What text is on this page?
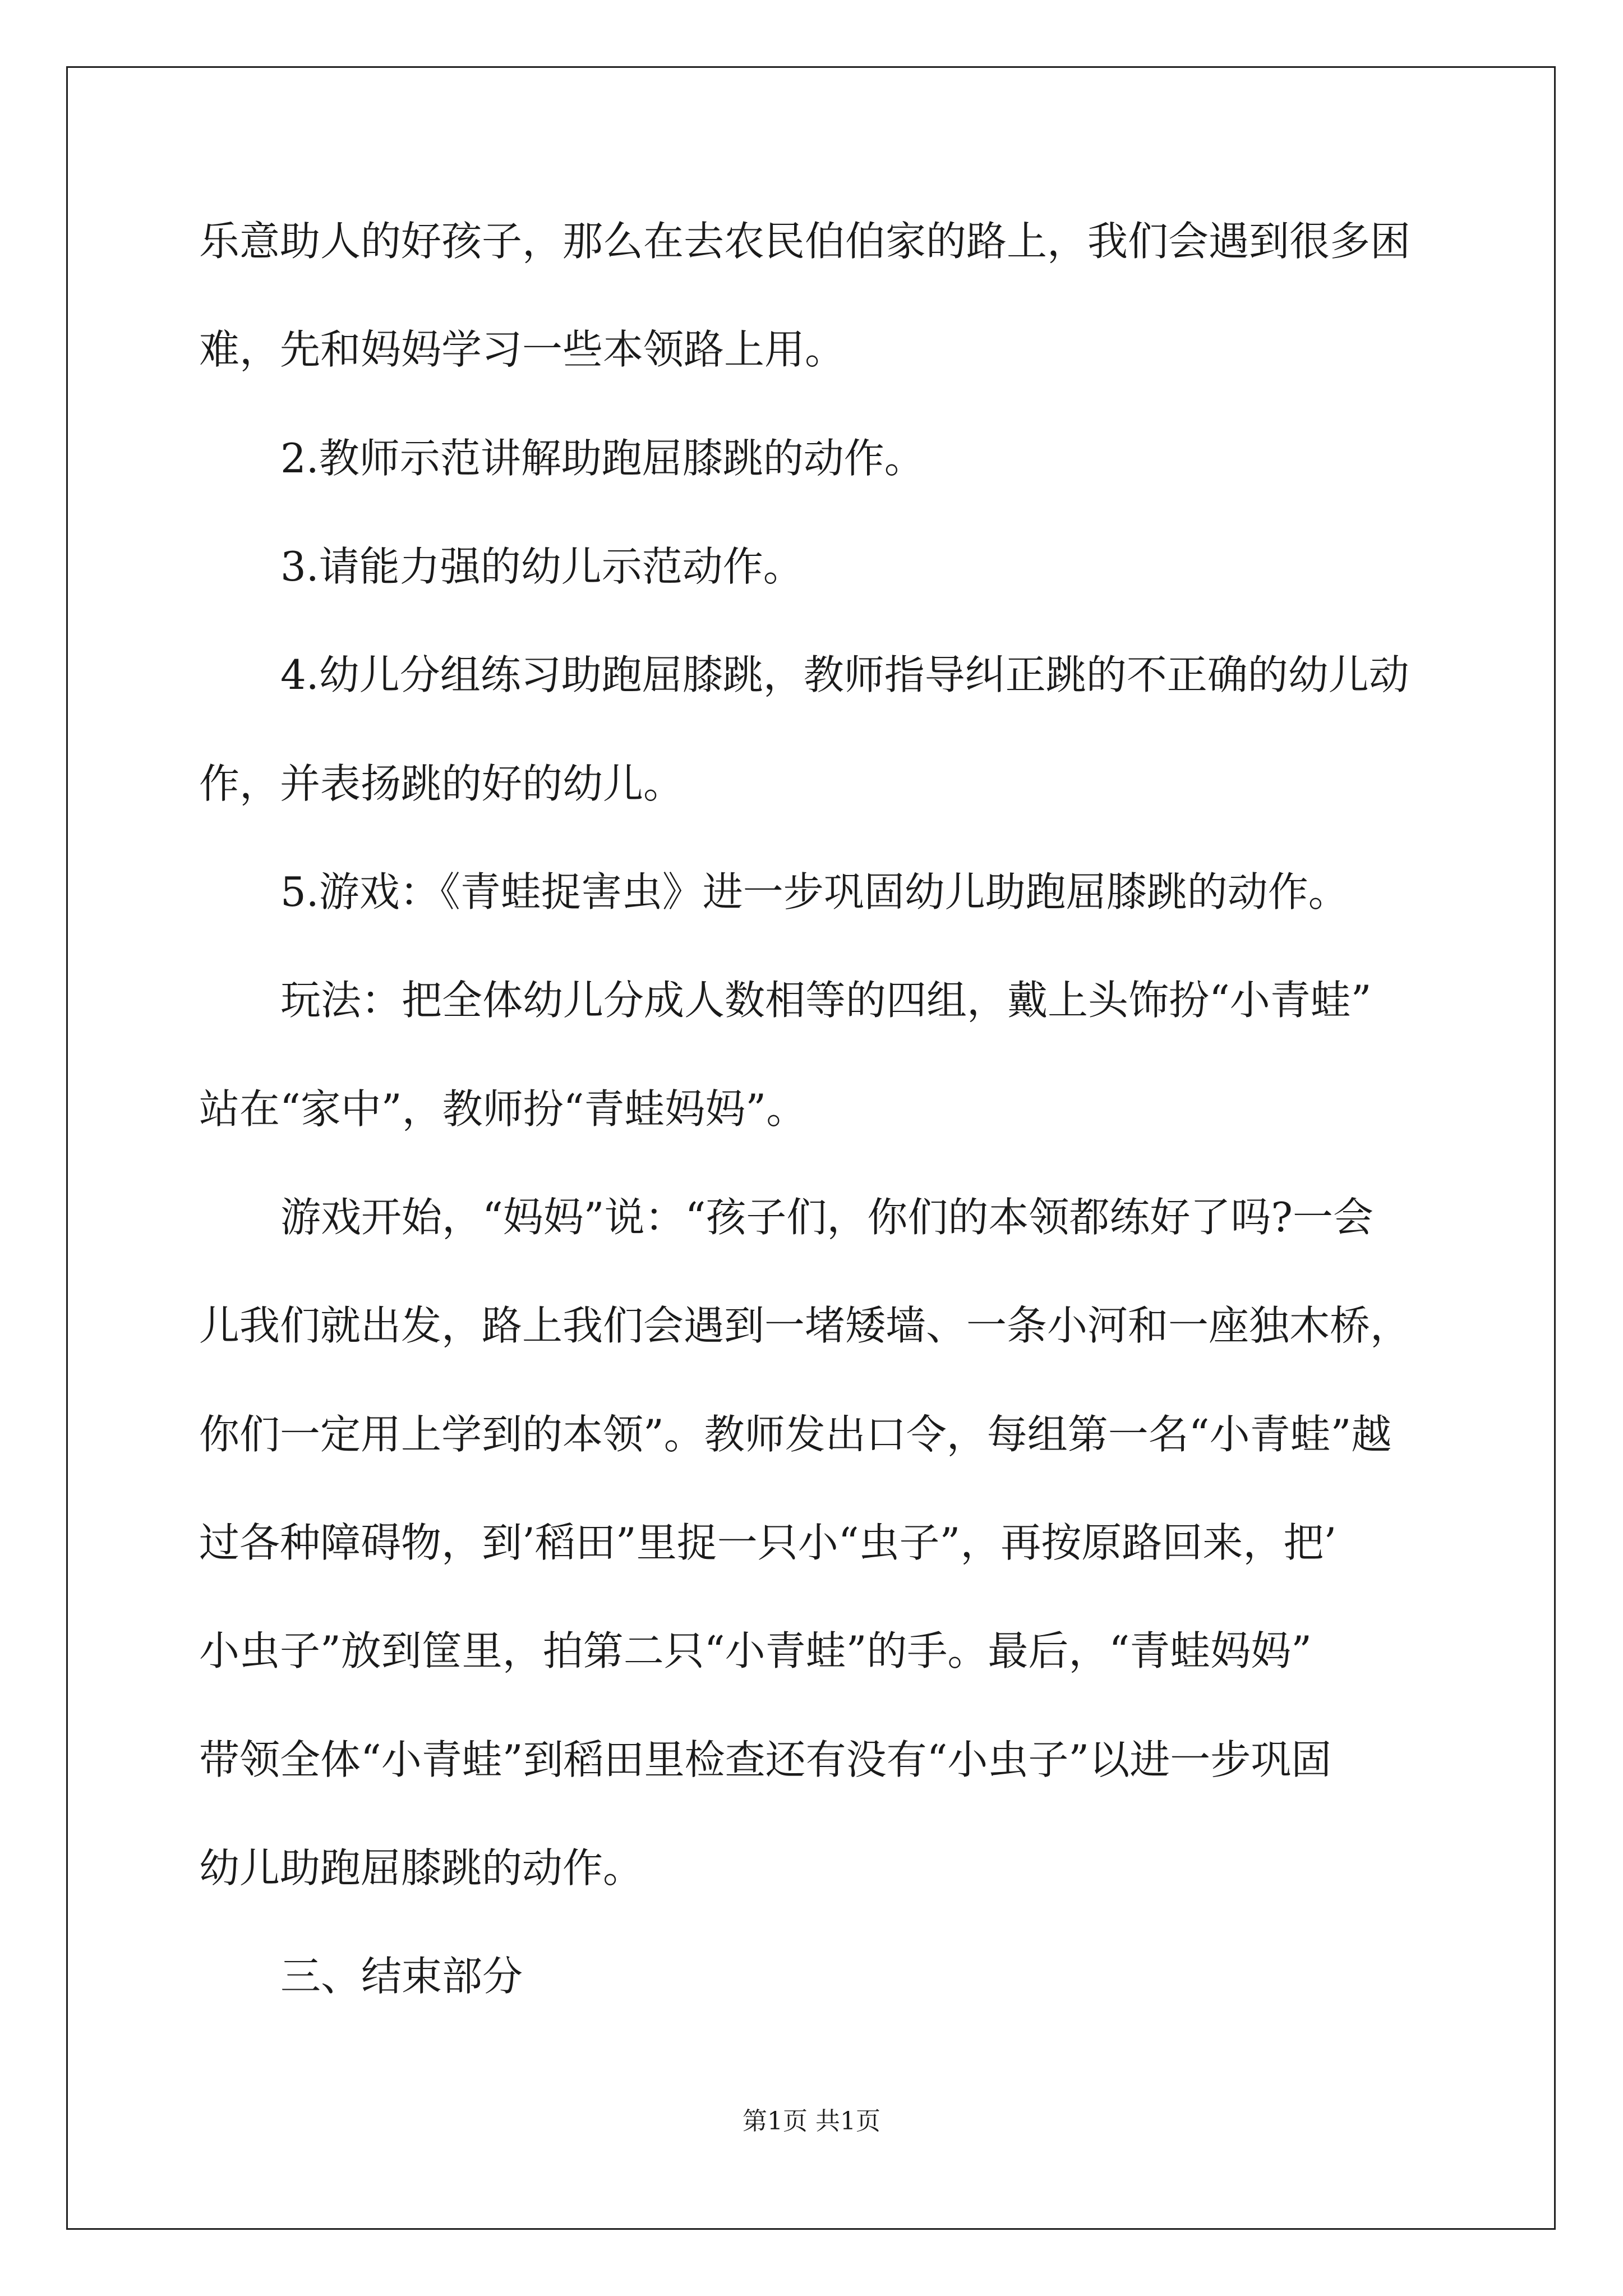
乐意助人的好孩子，那么在去农民伯伯家的路上，我们会遇到很多困
难，先和妈妈学习一些本领路上用。
2.教师示范讲解助跑屈膝跳的动作。
3.请能力强的幼儿示范动作。
4.幼儿分组练习助跑屈膝跳，教师指导纠正跳的不正确的幼儿动
作，并表扬跳的好的幼儿。
5.游戏：《青蛙捉害虫》进一步巩固幼儿助跑屈膝跳的动作。
玩法：把全体幼儿分成人数相等的四组，戴上头饰扮“小青蛙”
站在“家中”，教师扮“青蛙妈妈”。
游戏开始，“妈妈”说：“孩子们，你们的本领都练好了吗?一会
儿我们就出发，路上我们会遇到一堵矮墙、一条小河和一座独木桥，
你们一定用上学到的本领”。教师发出口令，每组第一名“小青蛙”越
过各种障碍物，到’稻田”里捉一只小“虫子”，再按原路回来，把’
小虫子”放到筐里，拍第二只“小青蛙”的手。最后，“青蛙妈妈”
带领全体“小青蛙”到稻田里检查还有没有“小虫子”以进一步巩固
幼儿助跑屈膝跳的动作。
三、结束部分
第1页 共1页
